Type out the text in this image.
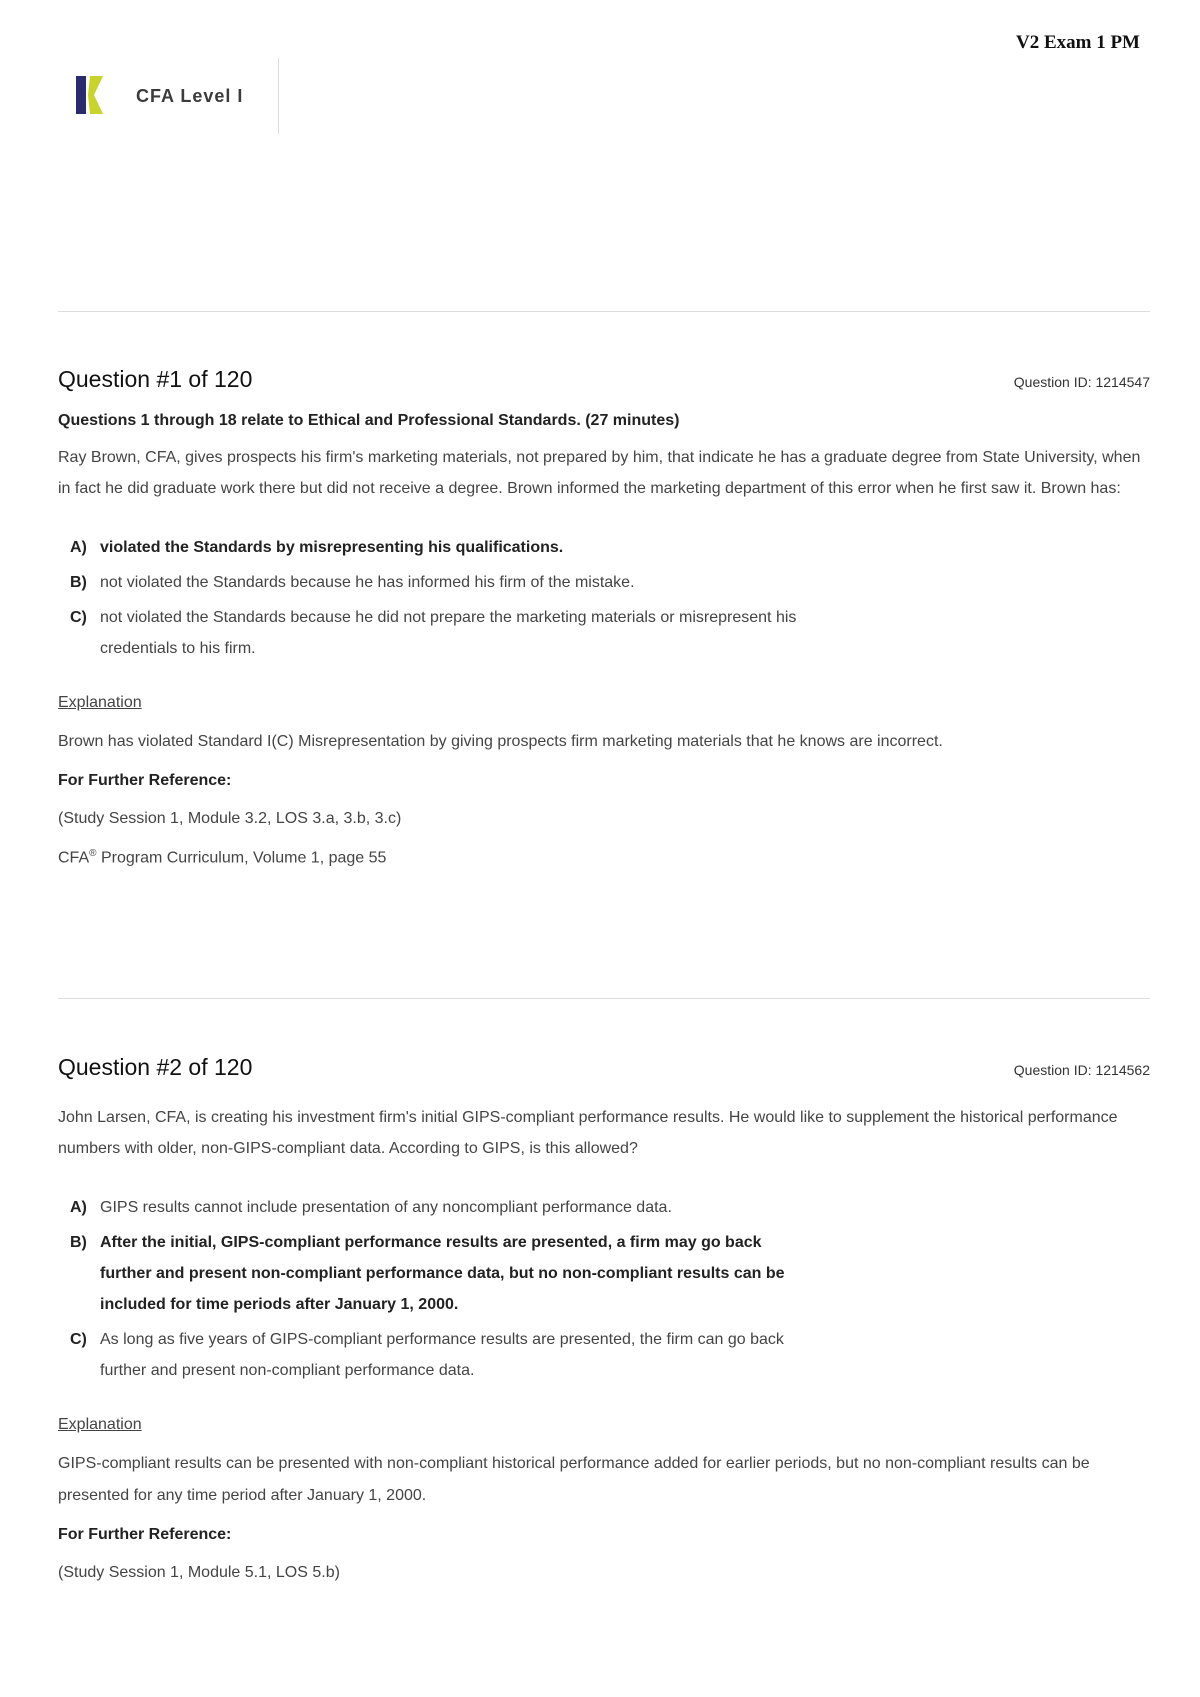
V2 Exam 1 PM
CFA Level I
Question #1 of 120	Question ID: 1214547
Questions 1 through 18 relate to Ethical and Professional Standards. (27 minutes)
Ray Brown, CFA, gives prospects his firm's marketing materials, not prepared by him, that indicate he has a graduate degree from State University, when in fact he did graduate work there but did not receive a degree. Brown informed the marketing department of this error when he first saw it. Brown has:
A) violated the Standards by misrepresenting his qualifications.
B) not violated the Standards because he has informed his firm of the mistake.
C) not violated the Standards because he did not prepare the marketing materials or misrepresent his credentials to his firm.
Explanation
Brown has violated Standard I(C) Misrepresentation by giving prospects firm marketing materials that he knows are incorrect.
For Further Reference:
(Study Session 1, Module 3.2, LOS 3.a, 3.b, 3.c)
CFA® Program Curriculum, Volume 1, page 55
Question #2 of 120	Question ID: 1214562
John Larsen, CFA, is creating his investment firm's initial GIPS-compliant performance results. He would like to supplement the historical performance numbers with older, non-GIPS-compliant data. According to GIPS, is this allowed?
A) GIPS results cannot include presentation of any noncompliant performance data.
B) After the initial, GIPS-compliant performance results are presented, a firm may go back further and present non-compliant performance data, but no non-compliant results can be included for time periods after January 1, 2000.
C) As long as five years of GIPS-compliant performance results are presented, the firm can go back further and present non-compliant performance data.
Explanation
GIPS-compliant results can be presented with non-compliant historical performance added for earlier periods, but no non-compliant results can be presented for any time period after January 1, 2000.
For Further Reference:
(Study Session 1, Module 5.1, LOS 5.b)
